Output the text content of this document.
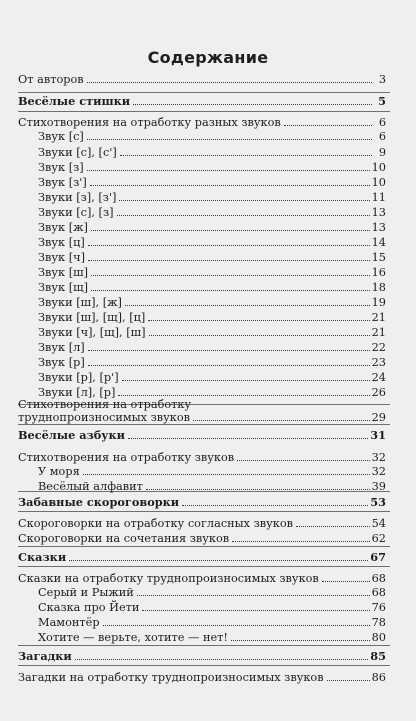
Содержание
От авторов	3
Весёлые стишки	5
Стихотворения на отработку разных звуков	6
Звук [с]	6
Звуки [с], [с']	9
Звук [з]	10
Звук [з']	10
Звуки [з], [з']	11
Звуки [с], [з]	13
Звук [ж]	13
Звук [ц]	14
Звук [ч]	15
Звук [ш]	16
Звук [щ]	18
Звуки [ш], [ж]	19
Звуки [ш], [щ], [ц]	21
Звуки [ч], [щ], [ш]	21
Звук [л]	22
Звук [р]	23
Звуки [р], [р']	24
Звуки [л], [р]	26
Стихотворения на отработку
труднопроизносимых звуков	29
Весёлые азбуки	31
Стихотворения на отработку звуков	32
У моря	32
Весёлый алфавит	39
Забавные скороговорки	53
Скороговорки на отработку согласных звуков	54
Скороговорки на сочетания звуков	62
Сказки	67
Сказки на отработку труднопроизносимых звуков	68
Серый и Рыжий	68
Сказка про Йети	76
Мамонтёр	78
Хотите — верьте, хотите — нет!	80
Загадки	85
Загадки на отработку труднопроизносимых звуков	86
